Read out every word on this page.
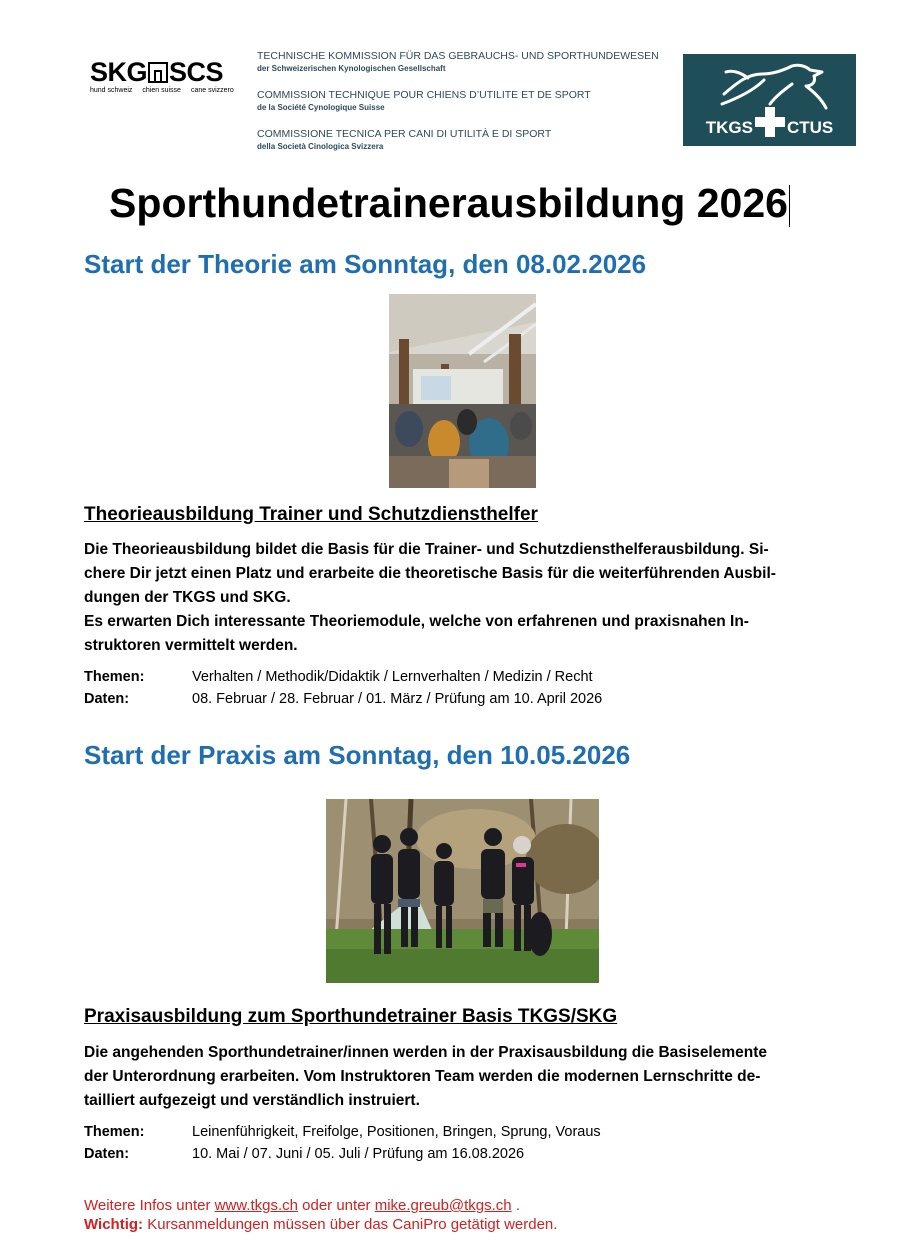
SKG SCS
hund schweiz chien suisse cane svizzero
TECHNISCHE KOMMISSION FÜR DAS GEBRAUCHS- UND SPORTHUNDEWESEN
der Schweizerischen Kynologischen Gesellschaft
COMMISSION TECHNIQUE POUR CHIENS D’UTILITE ET DE SPORT
de la Société Cynologique Suisse
COMMISSIONE TECNICA PER CANI DI UTILITÀ E DI SPORT
della Società Cinologica Svizzera
TKGS CTUS
Sporthundetrainerausbildung 2026
Start der Theorie am Sonntag, den 08.02.2026
Theorieausbildung Trainer und Schutzdiensthelfer
Die Theorieausbildung bildet die Basis für die Trainer- und Schutzdiensthelferausbildung. Si-
chere Dir jetzt einen Platz und erarbeite die theoretische Basis für die weiterführenden Ausbil-
dungen der TKGS und SKG.
Es erwarten Dich interessante Theoriemodule, welche von erfahrenen und praxisnahen In-
struktoren vermittelt werden.
Themen:	Verhalten / Methodik/Didaktik / Lernverhalten / Medizin / Recht
Daten:	08. Februar / 28. Februar / 01. März / Prüfung am 10. April 2026
Start der Praxis am Sonntag, den 10.05.2026
Praxisausbildung zum Sporthundetrainer Basis TKGS/SKG
Die angehenden Sporthundetrainer/innen werden in der Praxisausbildung die Basiselemente
der Unterordnung erarbeiten. Vom Instruktoren Team werden die modernen Lernschritte de-
tailliert aufgezeigt und verständlich instruiert.
Themen:	Leinenführigkeit, Freifolge, Positionen, Bringen, Sprung, Voraus
Daten:	10. Mai / 07. Juni / 05. Juli / Prüfung am 16.08.2026
Weitere Infos unter www.tkgs.ch oder unter mike.greub@tkgs.ch .
Wichtig: Kursanmeldungen müssen über das CaniPro getätigt werden.
